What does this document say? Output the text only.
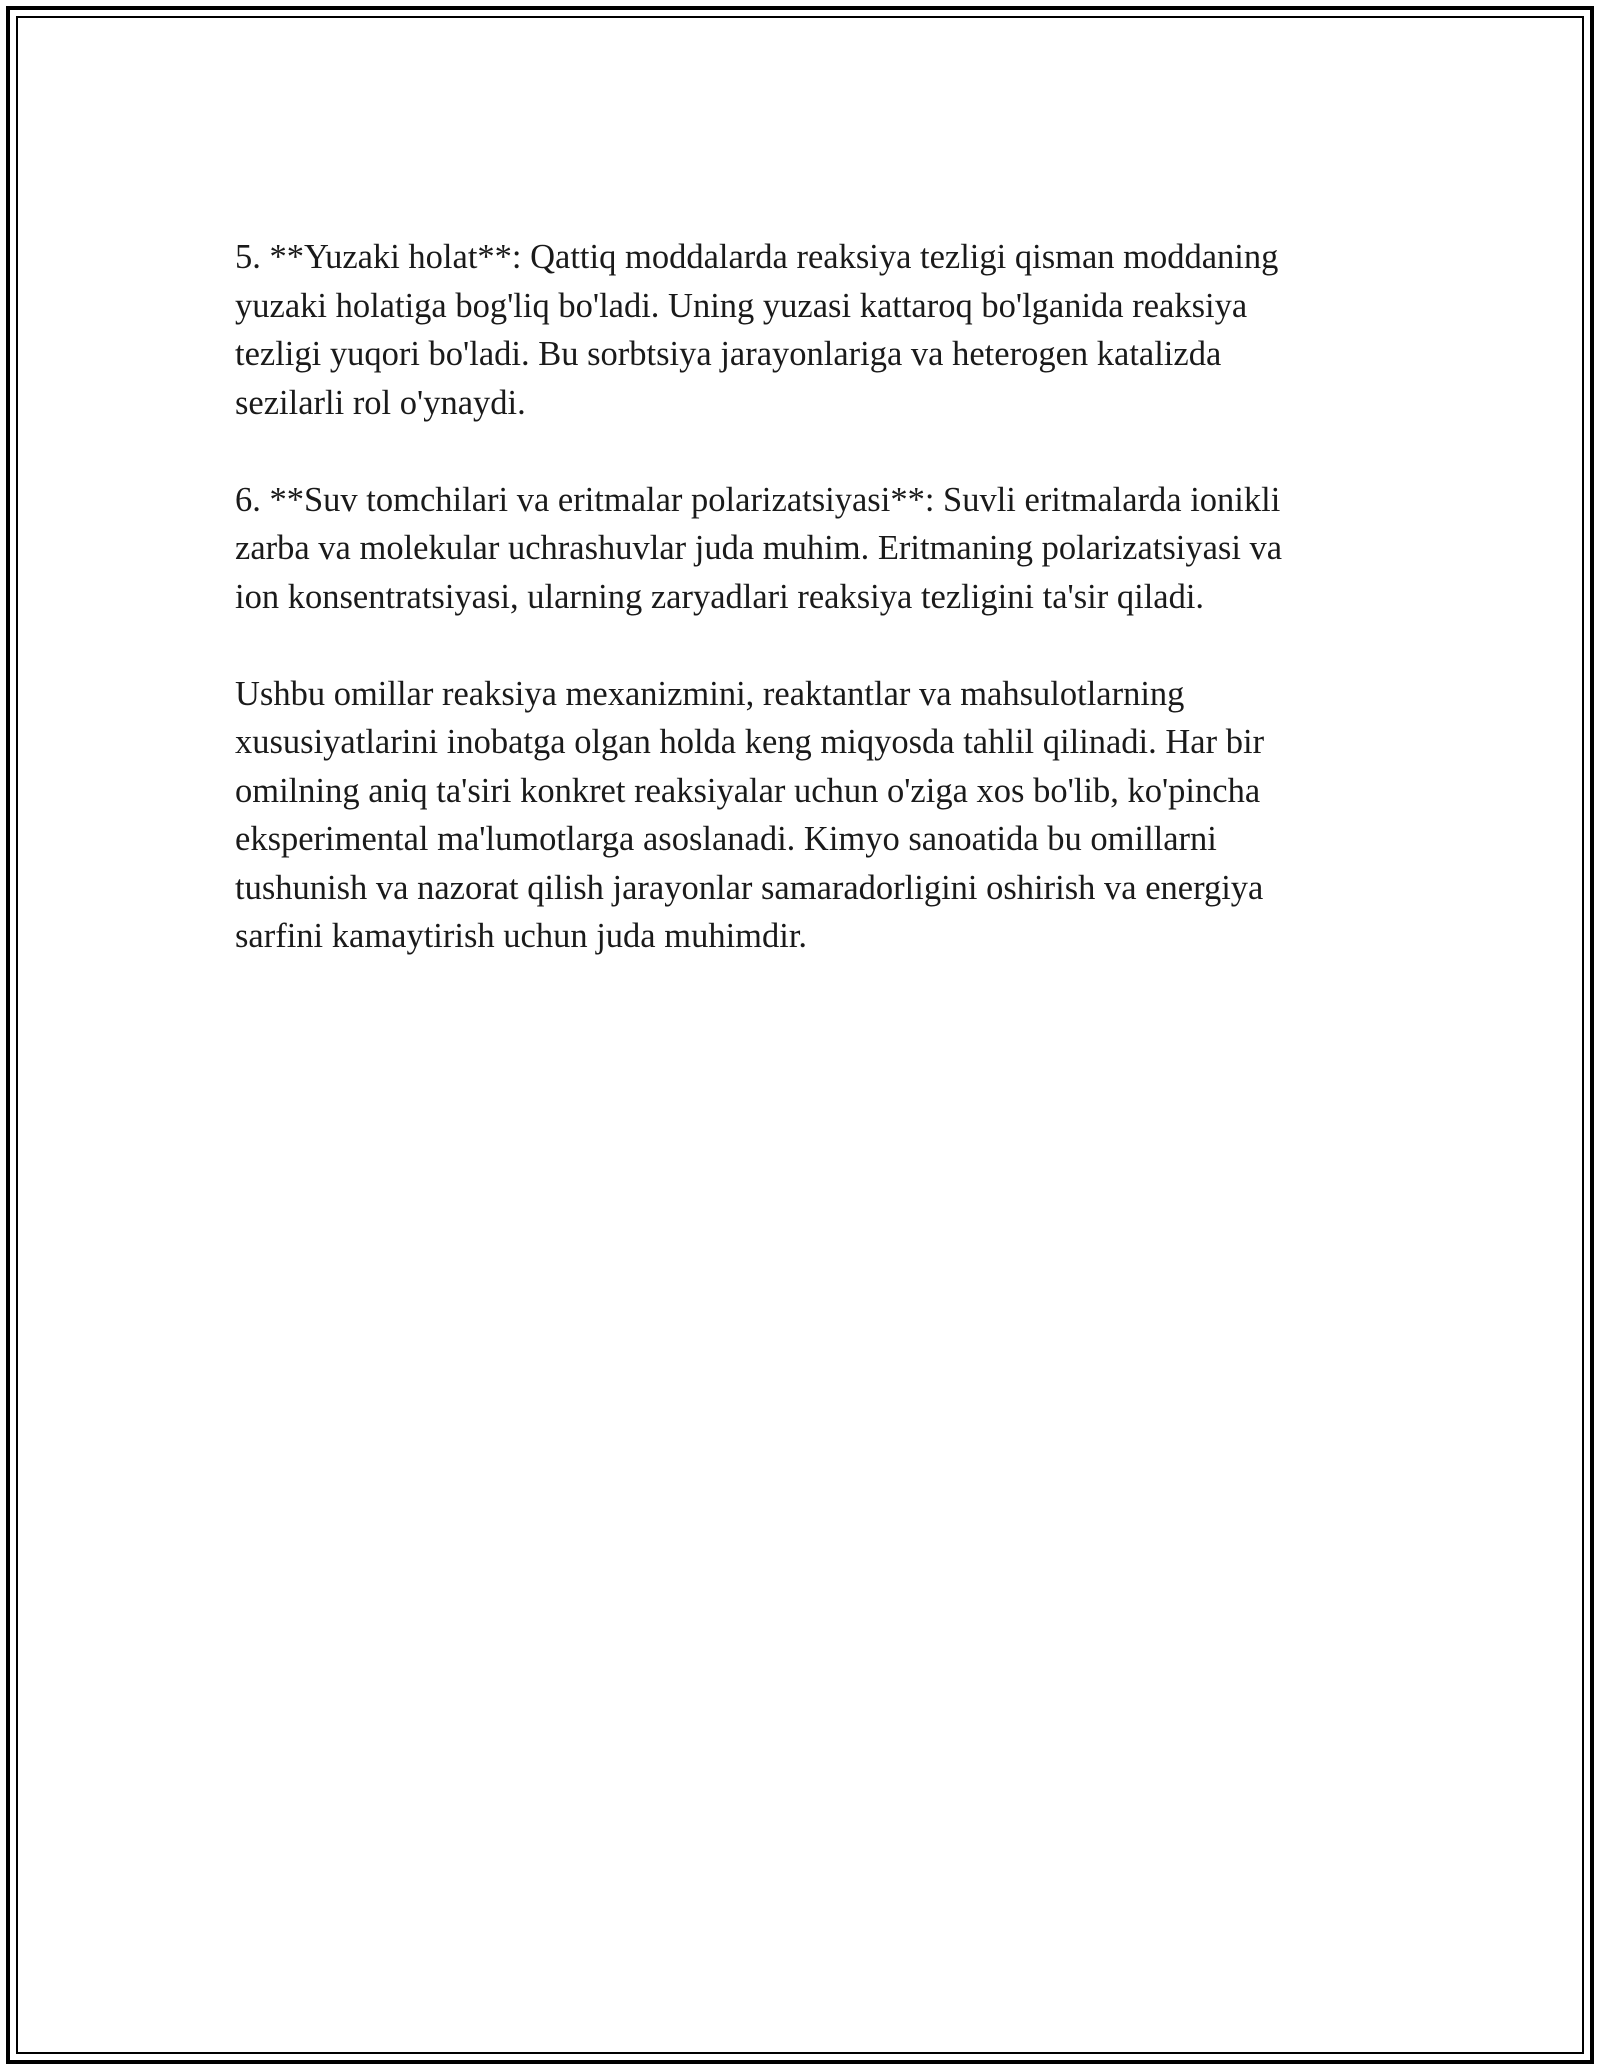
5. **Yuzaki holat**: Qattiq moddalarda reaksiya tezligi qisman moddaning
yuzaki holatiga bog'liq bo'ladi. Uning yuzasi kattaroq bo'lganida reaksiya
tezligi yuqori bo'ladi. Bu sorbtsiya jarayonlariga va heterogen katalizda
sezilarli rol o'ynaydi.

6. **Suv tomchilari va eritmalar polarizatsiyasi**: Suvli eritmalarda ionikli
zarba va molekular uchrashuvlar juda muhim. Eritmaning polarizatsiyasi va
ion konsentratsiyasi, ularning zaryadlari reaksiya tezligini ta'sir qiladi.

Ushbu omillar reaksiya mexanizmini, reaktantlar va mahsulotlarning
xususiyatlarini inobatga olgan holda keng miqyosda tahlil qilinadi. Har bir
omilning aniq ta'siri konkret reaksiyalar uchun o'ziga xos bo'lib, ko'pincha
eksperimental ma'lumotlarga asoslanadi. Kimyo sanoatida bu omillarni
tushunish va nazorat qilish jarayonlar samaradorligini oshirish va energiya
sarfini kamaytirish uchun juda muhimdir.
